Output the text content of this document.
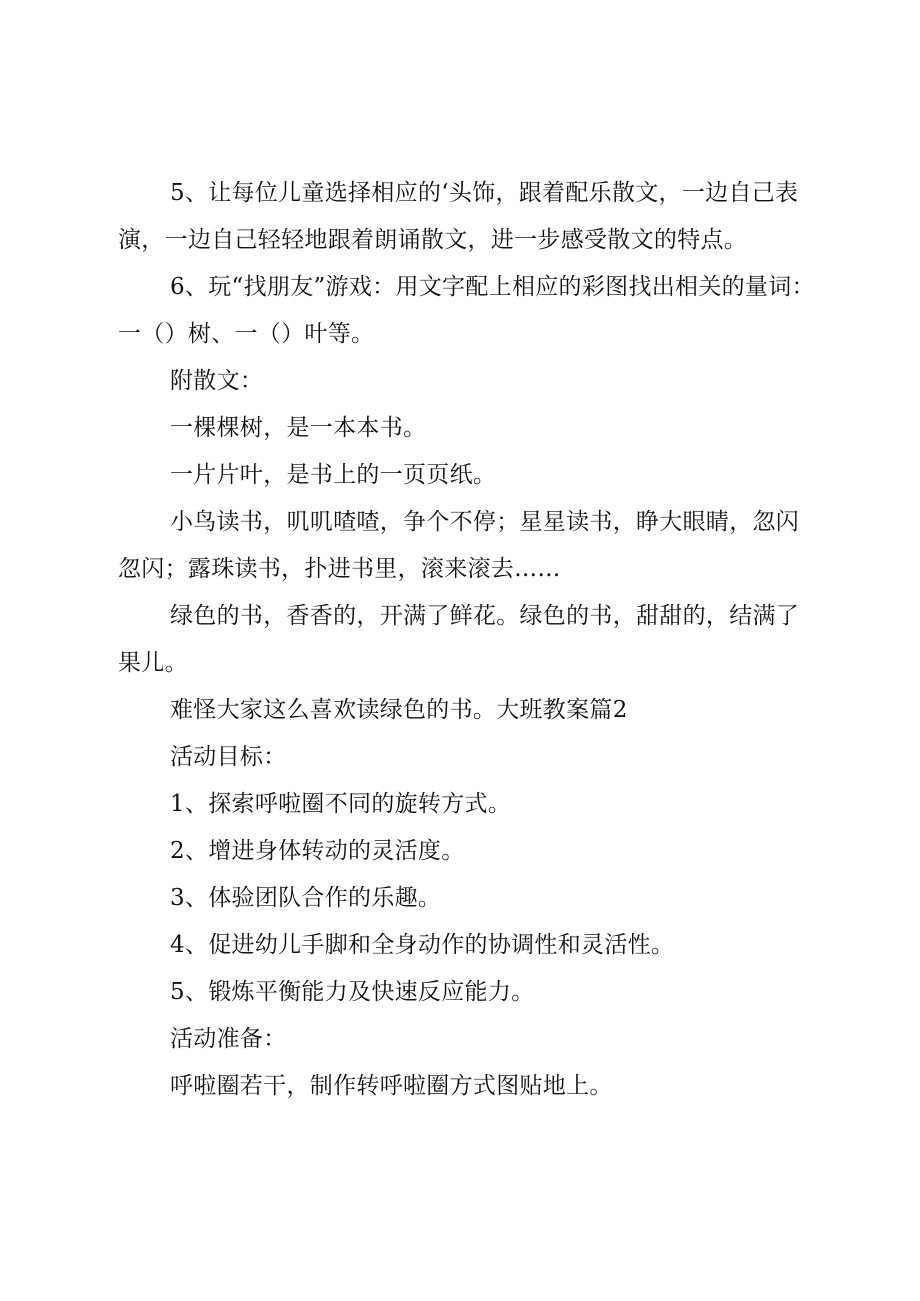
5、让每位儿童选择相应的‘头饰，跟着配乐散文，一边自己表演，一边自己轻轻地跟着朗诵散文，进一步感受散文的特点。

6、玩“找朋友”游戏：用文字配上相应的彩图找出相关的量词：一（）树、一（）叶等。

附散文：

一棵棵树，是一本本书。

一片片叶，是书上的一页页纸。

小鸟读书，叽叽喳喳，争个不停；星星读书，睁大眼睛，忽闪忽闪；露珠读书，扑进书里，滚来滚去……

绿色的书，香香的，开满了鲜花。绿色的书，甜甜的，结满了果儿。

难怪大家这么喜欢读绿色的书。大班教案篇2

活动目标：

1、探索呼啦圈不同的旋转方式。

2、增进身体转动的灵活度。

3、体验团队合作的乐趣。

4、促进幼儿手脚和全身动作的协调性和灵活性。

5、锻炼平衡能力及快速反应能力。

活动准备：

呼啦圈若干，制作转呼啦圈方式图贴地上。
